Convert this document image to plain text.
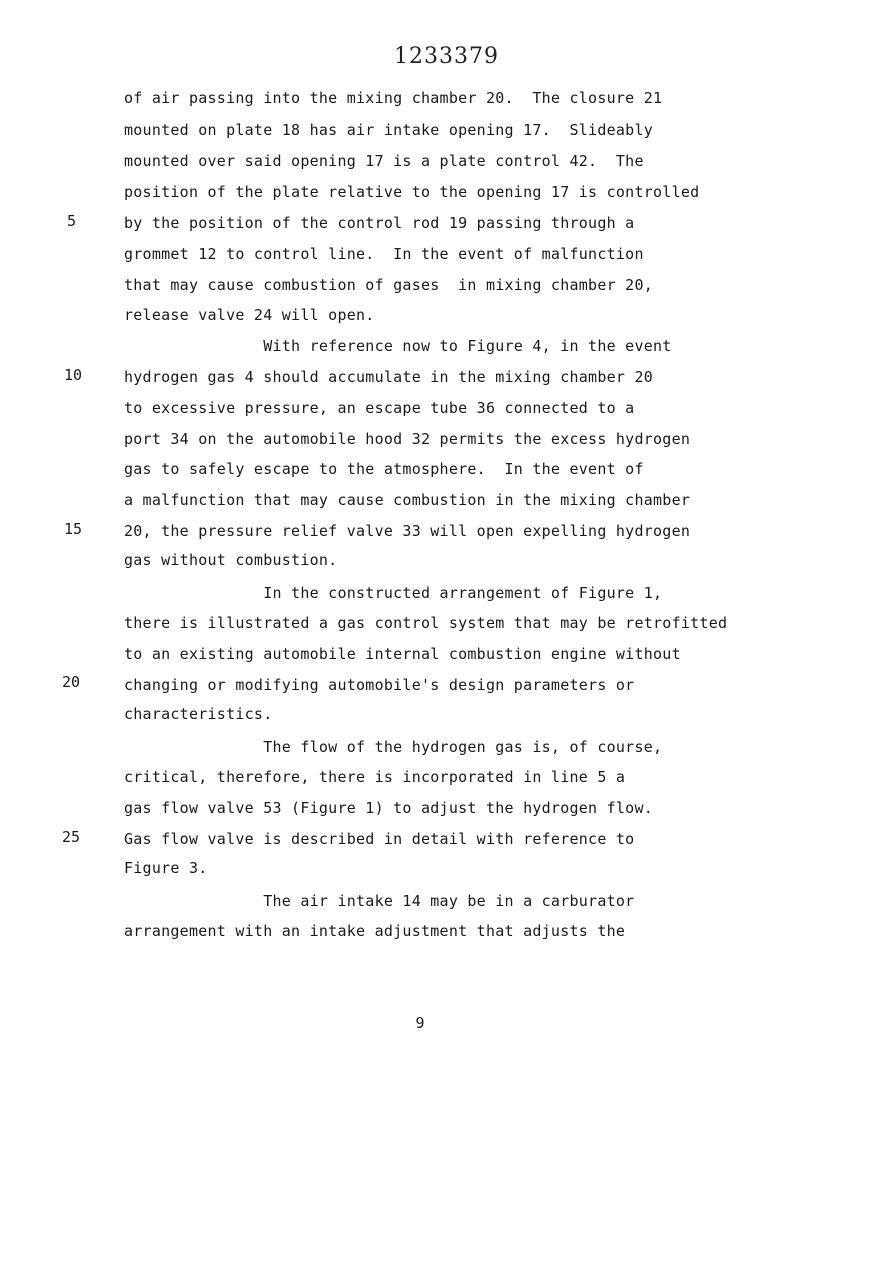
1233379
of air passing into the mixing chamber 20.  The closure 21
mounted on plate 18 has air intake opening 17.  Slideably
mounted over said opening 17 is a plate control 42.  The
position of the plate relative to the opening 17 is controlled
by the position of the control rod 19 passing through a
grommet 12 to control line.  In the event of malfunction
that may cause combustion of gases  in mixing chamber 20,
release valve 24 will open.
With reference now to Figure 4, in the event
hydrogen gas 4 should accumulate in the mixing chamber 20
to excessive pressure, an escape tube 36 connected to a
port 34 on the automobile hood 32 permits the excess hydrogen
gas to safely escape to the atmosphere.  In the event of
a malfunction that may cause combustion in the mixing chamber
20, the pressure relief valve 33 will open expelling hydrogen
gas without combustion.
In the constructed arrangement of Figure 1,
there is illustrated a gas control system that may be retrofitted
to an existing automobile internal combustion engine without
changing or modifying automobile's design parameters or
characteristics.
The flow of the hydrogen gas is, of course,
critical, therefore, there is incorporated in line 5 a
gas flow valve 53 (Figure 1) to adjust the hydrogen flow.
Gas flow valve is described in detail with reference to
Figure 3.
The air intake 14 may be in a carburator
arrangement with an intake adjustment that adjusts the
5
10
15
20
25
9
